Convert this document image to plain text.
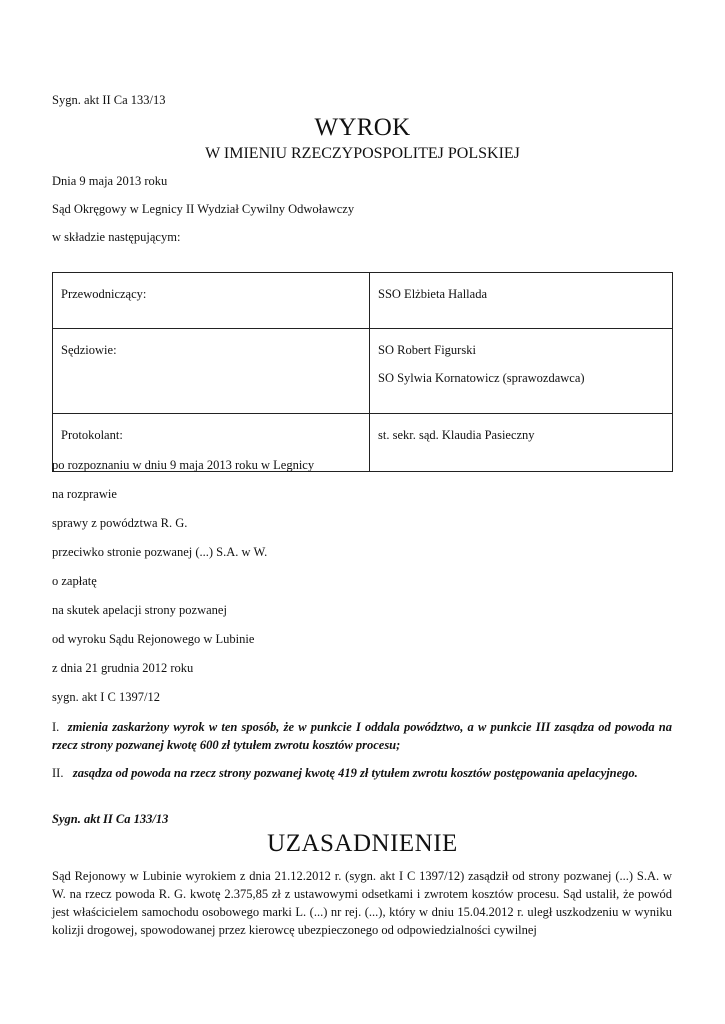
Sygn. akt II Ca 133/13
WYROK
W IMIENIU RZECZYPOSPOLITEJ POLSKIEJ
Dnia 9 maja 2013 roku
Sąd Okręgowy w Legnicy II Wydział Cywilny Odwoławczy
w składzie następującym:
Przewodniczący:	SSO Elżbieta Hallada
Sędziowie:	SO Robert Figurski
SO Sylwia Kornatowicz (sprawozdawca)

Protokolant:	st. sekr. sąd. Klaudia Pasieczny
po rozpoznaniu w dniu 9 maja 2013 roku w Legnicy
na rozprawie
sprawy z powództwa R. G.
przeciwko stronie pozwanej (...) S.A. w W.
o zapłatę
na skutek apelacji strony pozwanej
od wyroku Sądu Rejonowego w Lubinie
z dnia 21 grudnia 2012 roku
sygn. akt I C 1397/12
I. zmienia zaskarżony wyrok w ten sposób, że w punkcie I oddala powództwo, a w punkcie III zasądza od powoda na rzecz strony pozwanej kwotę 600 zł tytułem zwrotu kosztów procesu;
II. zasądza od powoda na rzecz strony pozwanej kwotę 419 zł tytułem zwrotu kosztów postępowania apelacyjnego.
Sygn. akt II Ca 133/13
UZASADNIENIE
Sąd Rejonowy w Lubinie wyrokiem z dnia 21.12.2012 r. (sygn. akt I C 1397/12) zasądził od strony pozwanej (...) S.A. w W. na rzecz powoda R. G. kwotę 2.375,85 zł z ustawowymi odsetkami i zwrotem kosztów procesu. Sąd ustalił, że powód jest właścicielem samochodu osobowego marki L. (...) nr rej. (...), który w dniu 15.04.2012 r. uległ uszkodzeniu w wyniku kolizji drogowej, spowodowanej przez kierowcę ubezpieczonego od odpowiedzialności cywilnej
